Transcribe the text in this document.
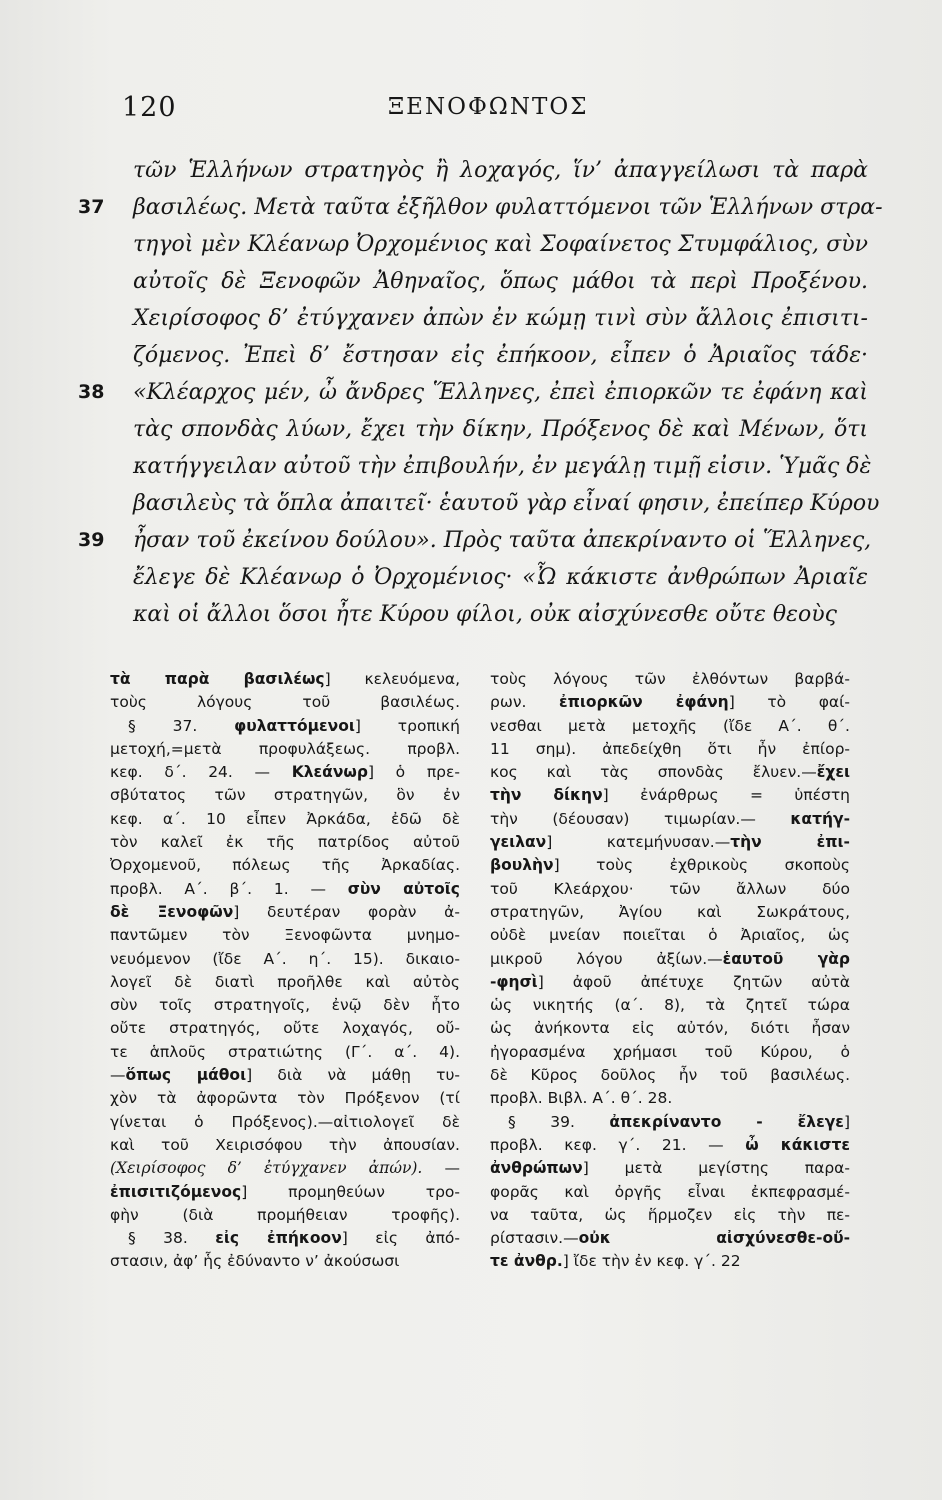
120	ΞΕΝΟΦΩΝΤΟΣ
τῶν Ἑλλήνων στρατηγὸς ἢ λοχαγός, ἵν’ ἀπαγγείλωσι τὰ παρὰ
37 βασιλέως. Μετὰ ταῦτα ἐξῆλθον φυλαττόμενοι τῶν Ἑλλήνων στρα-
τηγοὶ μὲν Κλέανωρ Ὀρχομένιος καὶ Σοφαίνετος Στυμφάλιος, σὺν
αὐτοῖς δὲ Ξενοφῶν Ἀθηναῖος, ὅπως μάθοι τὰ περὶ Προξένου.
Χειρίσοφος δ’ ἐτύγχανεν ἀπὼν ἐν κώμῃ τινὶ σὺν ἄλλοις ἐπισιτι-
ζόμενος. Ἐπεὶ δ’ ἔστησαν εἰς ἐπήκοον, εἶπεν ὁ Ἀριαῖος τάδε·
38 «Κλέαρχος μέν, ὦ ἄνδρες Ἕλληνες, ἐπεὶ ἐπιορκῶν τε ἐφάνη καὶ
τὰς σπονδὰς λύων, ἔχει τὴν δίκην, Πρόξενος δὲ καὶ Μένων, ὅτι
κατήγγειλαν αὐτοῦ τὴν ἐπιβουλήν, ἐν μεγάλῃ τιμῇ εἰσιν. Ὑμᾶς δὲ
βασιλεὺς τὰ ὅπλα ἀπαιτεῖ· ἑαυτοῦ γὰρ εἶναί φησιν, ἐπείπερ Κύρου
39 ἦσαν τοῦ ἐκείνου δούλου». Πρὸς ταῦτα ἀπεκρίναντο οἱ Ἕλληνες,
ἔλεγε δὲ Κλέανωρ ὁ Ὀρχομένιος· «Ὦ κάκιστε ἀνθρώπων Ἀριαῖε
καὶ οἱ ἄλλοι ὅσοι ἦτε Κύρου φίλοι, οὐκ αἰσχύνεσθε οὔτε θεοὺς
τὰ παρὰ βασιλέως] κελευόμενα,
τοὺς λόγους τοῦ βασιλέως.
§ 37. φυλαττόμενοι] τροπική
μετοχή,=μετὰ προφυλάξεως. προβλ.
κεφ. δ΄. 24. — Κλεάνωρ] ὁ πρε-
σβύτατος τῶν στρατηγῶν, ὃν ἐν
κεφ. α΄. 10 εἶπεν Ἀρκάδα, ἐδῶ δὲ
τὸν καλεῖ ἐκ τῆς πατρίδος αὐτοῦ
Ὀρχομενοῦ, πόλεως τῆς Ἀρκαδίας.
προβλ. Α΄. β΄. 1. — σὺν αὐτοῖς
δὲ Ξενοφῶν] δευτέραν φορὰν ἀ-
παντῶμεν τὸν Ξενοφῶντα μνημο-
νευόμενον (ἴδε Α΄. η΄. 15). δικαιο-
λογεῖ δὲ διατὶ προῆλθε καὶ αὐτὸς
σὺν τοῖς στρατηγοῖς, ἐνῷ δὲν ἦτο
οὔτε στρατηγός, οὔτε λοχαγός, οὔ-
τε ἁπλοῦς στρατιώτης (Γ΄. α΄. 4).
—ὅπως μάθοι] διὰ νὰ μάθῃ τυ-
χὸν τὰ ἀφορῶντα τὸν Πρόξενον (τί
γίνεται ὁ Πρόξενος).—αἰτιολογεῖ δὲ
καὶ τοῦ Χειρισόφου τὴν ἀπουσίαν.
(Χειρίσοφος δ’ ἐτύγχανεν ἀπών). —
ἐπισιτιζόμενος] προμηθεύων τρο-
φὴν (διὰ προμήθειαν τροφῆς).
§ 38. εἰς ἐπήκοον] εἰς ἀπό-
στασιν, ἀφ’ ἧς ἐδύναντο ν’ ἀκούσωσι
τοὺς λόγους τῶν ἐλθόντων βαρβά-
ρων. ἐπιορκῶν ἐφάνη] τὸ φαί-
νεσθαι μετὰ μετοχῆς (ἴδε Α΄. θ΄.
11 σημ). ἀπεδείχθη ὅτι ἦν ἐπίορ-
κος καὶ τὰς σπονδὰς ἔλυεν.—ἔχει
τὴν δίκην] ἐνάρθρως = ὑπέστη
τὴν (δέουσαν) τιμωρίαν.— κατήγ-
γειλαν] κατεμήνυσαν.—τὴν ἐπι-
βουλὴν] τοὺς ἐχθρικοὺς σκοποὺς
τοῦ Κλεάρχου· τῶν ἄλλων δύο
στρατηγῶν, Ἀγίου καὶ Σωκράτους,
οὐδὲ μνείαν ποιεῖται ὁ Ἀριαῖος, ὡς
μικροῦ λόγου ἀξίων.—ἑαυτοῦ γὰρ
-φησὶ] ἀφοῦ ἀπέτυχε ζητῶν αὐτὰ
ὡς νικητής (α΄. 8), τὰ ζητεῖ τώρα
ὡς ἀνήκοντα εἰς αὐτόν, διότι ἦσαν
ἠγορασμένα χρήμασι τοῦ Κύρου, ὁ
δὲ Κῦρος δοῦλος ἦν τοῦ βασιλέως.
προβλ. Βιβλ. Α΄. θ΄. 28.
§ 39. ἀπεκρίναντο - ἔλεγε]
προβλ. κεφ. γ΄. 21. — ὦ κάκιστε
ἀνθρώπων] μετὰ μεγίστης παρα-
φορᾶς καὶ ὀργῆς εἶναι ἐκπεφρασμέ-
να ταῦτα, ὡς ἥρμοζεν εἰς τὴν πε-
ρίστασιν.—οὐκ αἰσχύνεσθε-οὔ-
τε ἀνθρ.] ἴδε τὴν ἐν κεφ. γ΄. 22
